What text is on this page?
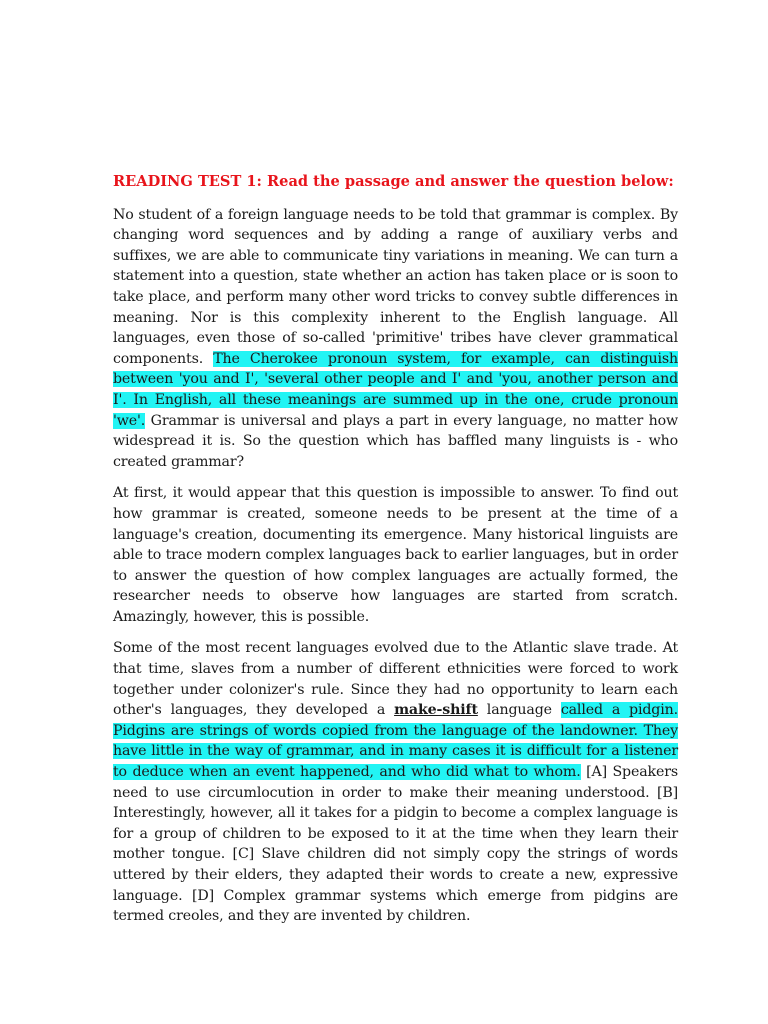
READING TEST 1: Read the passage and answer the question below:

No student of a foreign language needs to be told that grammar is complex. By changing word sequences and by adding a range of auxiliary verbs and suffixes, we are able to communicate tiny variations in meaning. We can turn a statement into a question, state whether an action has taken place or is soon to take place, and perform many other word tricks to convey subtle differences in meaning. Nor is this complexity inherent to the English language. All languages, even those of so-called 'primitive' tribes have clever grammatical components. The Cherokee pronoun system, for example, can distinguish between 'you and I', 'several other people and I' and 'you, another person and I'. In English, all these meanings are summed up in the one, crude pronoun 'we'. Grammar is universal and plays a part in every language, no matter how widespread it is. So the question which has baffled many linguists is - who created grammar?

At first, it would appear that this question is impossible to answer. To find out how grammar is created, someone needs to be present at the time of a language's creation, documenting its emergence. Many historical linguists are able to trace modern complex languages back to earlier languages, but in order to answer the question of how complex languages are actually formed, the researcher needs to observe how languages are started from scratch. Amazingly, however, this is possible.

Some of the most recent languages evolved due to the Atlantic slave trade. At that time, slaves from a number of different ethnicities were forced to work together under colonizer's rule. Since they had no opportunity to learn each other's languages, they developed a make-shift language called a pidgin. Pidgins are strings of words copied from the language of the landowner. They have little in the way of grammar, and in many cases it is difficult for a listener to deduce when an event happened, and who did what to whom. [A] Speakers need to use circumlocution in order to make their meaning understood. [B] Interestingly, however, all it takes for a pidgin to become a complex language is for a group of children to be exposed to it at the time when they learn their mother tongue. [C] Slave children did not simply copy the strings of words uttered by their elders, they adapted their words to create a new, expressive language. [D] Complex grammar systems which emerge from pidgins are termed creoles, and they are invented by children.
